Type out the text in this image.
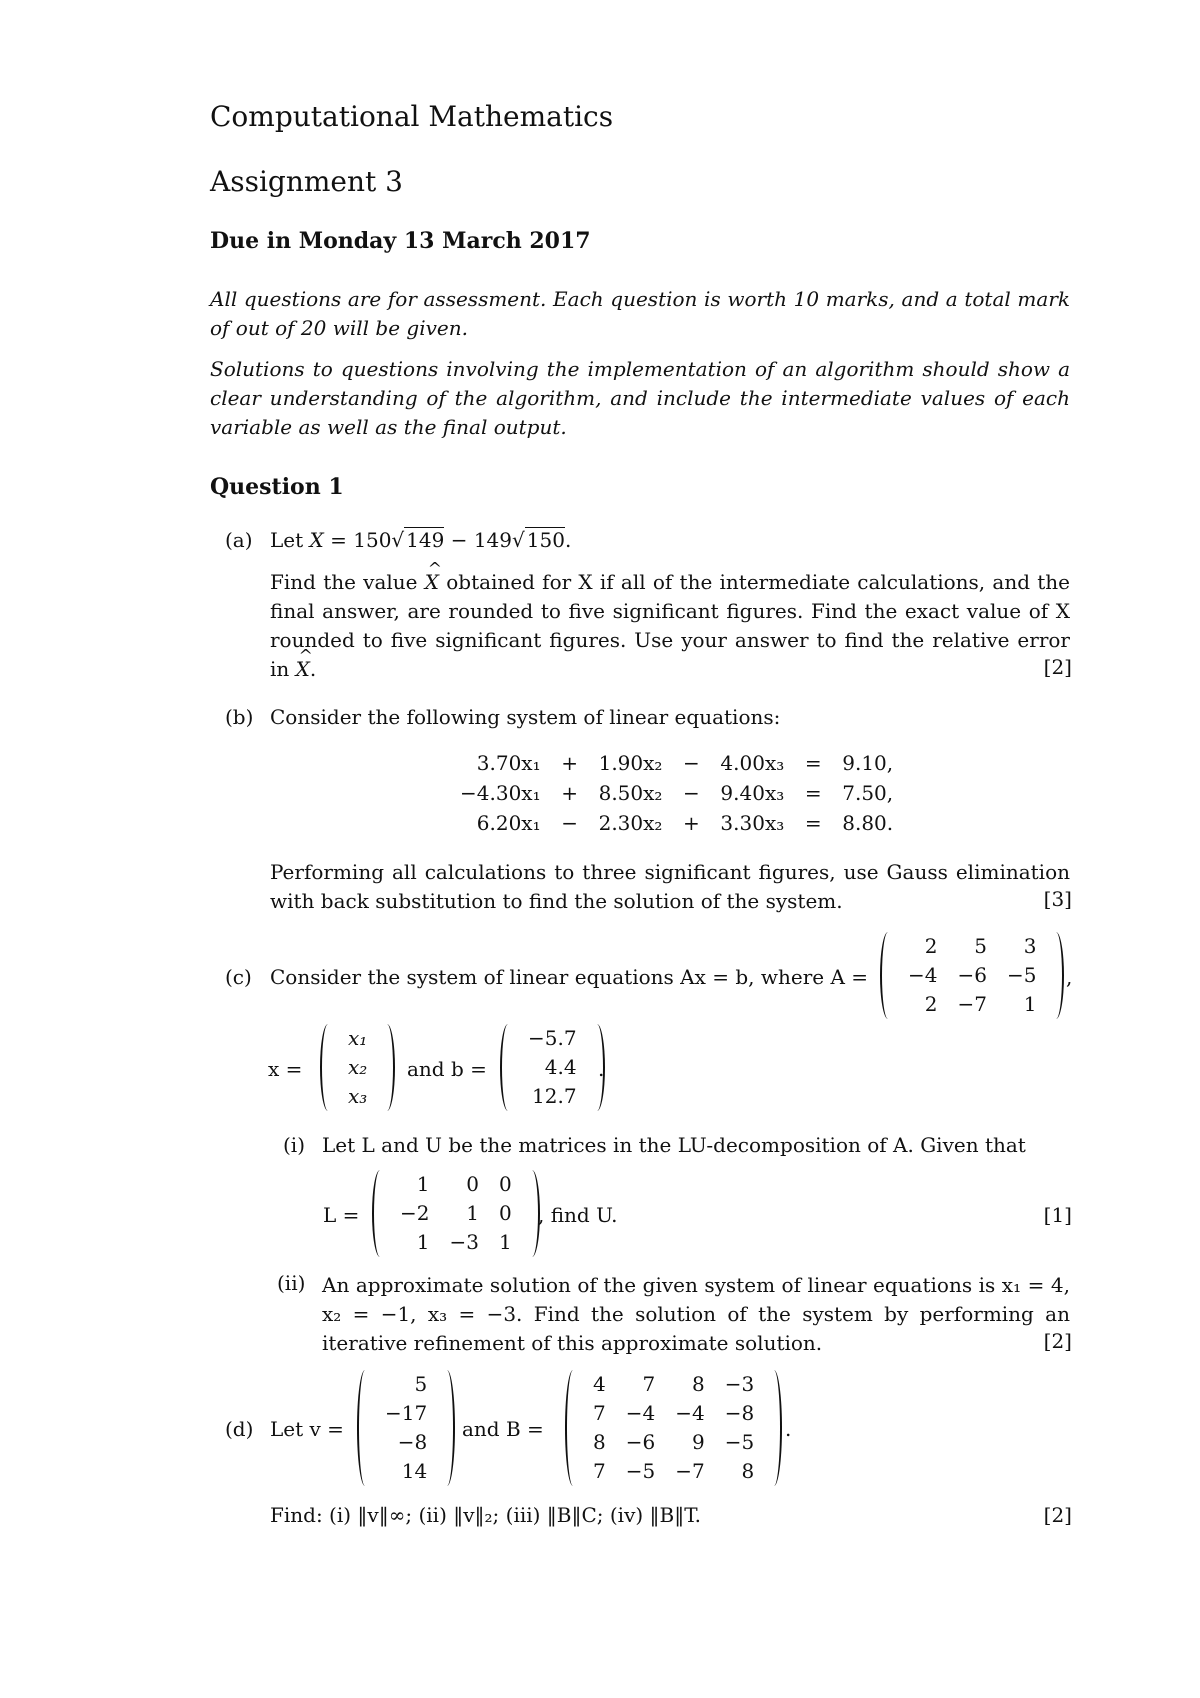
Computational Mathematics
Assignment 3
Due in Monday 13 March 2017
All questions are for assessment. Each question is worth 10 marks, and a total mark of out of 20 will be given.
Solutions to questions involving the implementation of an algorithm should show a clear understanding of the algorithm, and include the intermediate values of each variable as well as the final output.
Question 1
(a) Let X = 150√ 149 − 149√ 150.
Find the value ^ X obtained for X if all of the intermediate calculations, and the final answer, are rounded to five significant figures. Find the exact value of X rounded to five significant figures. Use your answer to find the relative error in ^ X.	[2]
(b) Consider the following system of linear equations:
3.70x₁	+	1.90x₂	−	4.00x₃	=	9.10,
−4.30x₁	+	8.50x₂	−	9.40x₃	=	7.50,
6.20x₁	−	2.30x₂	+	3.30x₃	=	8.80.
Performing all calculations to three significant figures, use Gauss elimination with back substitution to find the solution of the system.	[3]
(c) Consider the system of linear equations Ax = b, where A =
2	5	3
−4	−6	−5
2	−7	1
,
x =
x₁
x₂
x₃
and b =
−5.7
4.4
12.7
.
(i) Let L and U be the matrices in the LU-decomposition of A. Given that
L =
1	0	0
−2	1	0
1	−3	1
, find U.	[1]
(ii) An approximate solution of the given system of linear equations is x₁ = 4, x₂ = −1, x₃ = −3. Find the solution of the system by performing an iterative refinement of this approximate solution.	[2]
(d) Let v =
5
−17
−8
14
and B =
4	7	8	−3
7	−4	−4	−8
8	−6	9	−5
7	−5	−7	8
.
Find: (i) ‖v‖∞; (ii) ‖v‖₂; (iii) ‖B‖C; (iv) ‖B‖T.	[2]
